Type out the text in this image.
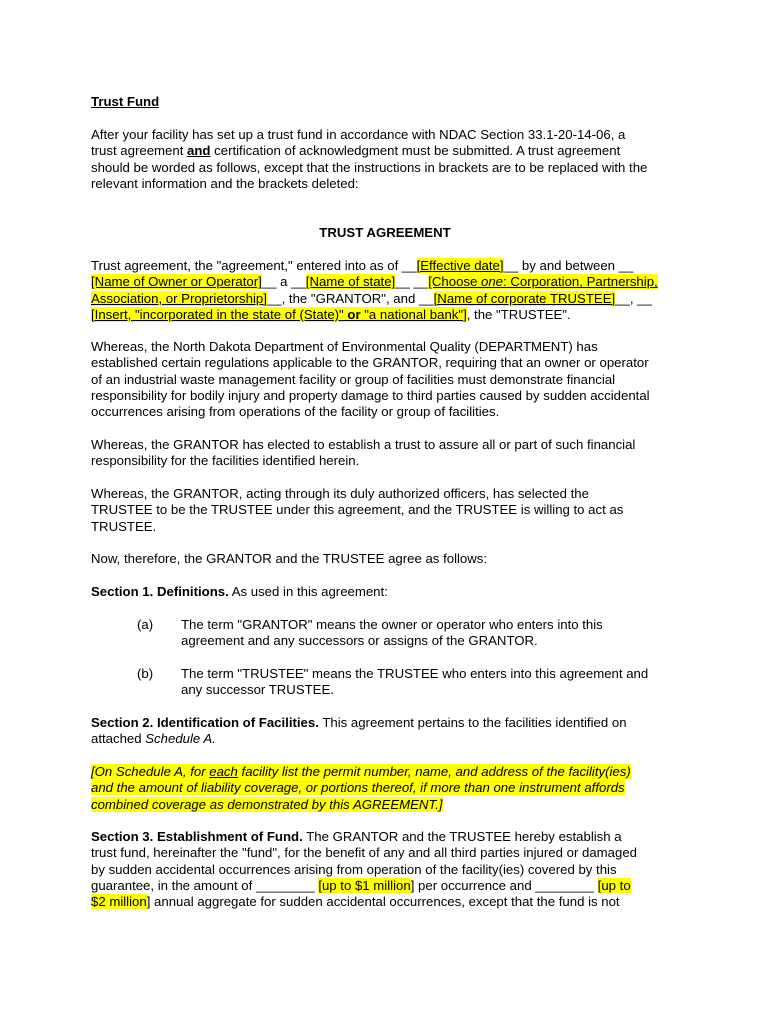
Trust Fund

After your facility has set up a trust fund in accordance with NDAC Section 33.1-20-14-06, a
trust agreement and certification of acknowledgment must be submitted. A trust agreement
should be worded as follows, except that the instructions in brackets are to be replaced with the
relevant information and the brackets deleted:

TRUST AGREEMENT

Trust agreement, the "agreement," entered into as of __[Effective date]__ by and between __
[Name of Owner or Operator]__ a __[Name of state]__ __[Choose one: Corporation, Partnership,
Association, or Proprietorship]__, the "GRANTOR", and __[Name of corporate TRUSTEE]__, __
[Insert, "incorporated in the state of (State)" or "a national bank"], the "TRUSTEE".

Whereas, the North Dakota Department of Environmental Quality (DEPARTMENT) has
established certain regulations applicable to the GRANTOR, requiring that an owner or operator
of an industrial waste management facility or group of facilities must demonstrate financial
responsibility for bodily injury and property damage to third parties caused by sudden accidental
occurrences arising from operations of the facility or group of facilities.

Whereas, the GRANTOR has elected to establish a trust to assure all or part of such financial
responsibility for the facilities identified herein.

Whereas, the GRANTOR, acting through its duly authorized officers, has selected the
TRUSTEE to be the TRUSTEE under this agreement, and the TRUSTEE is willing to act as
TRUSTEE.

Now, therefore, the GRANTOR and the TRUSTEE agree as follows:

Section 1. Definitions. As used in this agreement:

(a)	The term "GRANTOR" means the owner or operator who enters into this
agreement and any successors or assigns of the GRANTOR.

(b)	The term "TRUSTEE" means the TRUSTEE who enters into this agreement and
any successor TRUSTEE.

Section 2. Identification of Facilities. This agreement pertains to the facilities identified on
attached Schedule A.

[On Schedule A, for each facility list the permit number, name, and address of the facility(ies)
and the amount of liability coverage, or portions thereof, if more than one instrument affords
combined coverage as demonstrated by this AGREEMENT.]

Section 3. Establishment of Fund. The GRANTOR and the TRUSTEE hereby establish a
trust fund, hereinafter the "fund", for the benefit of any and all third parties injured or damaged
by sudden accidental occurrences arising from operation of the facility(ies) covered by this
guarantee, in the amount of ________ [up to $1 million] per occurrence and ________ [up to
$2 million] annual aggregate for sudden accidental occurrences, except that the fund is not
